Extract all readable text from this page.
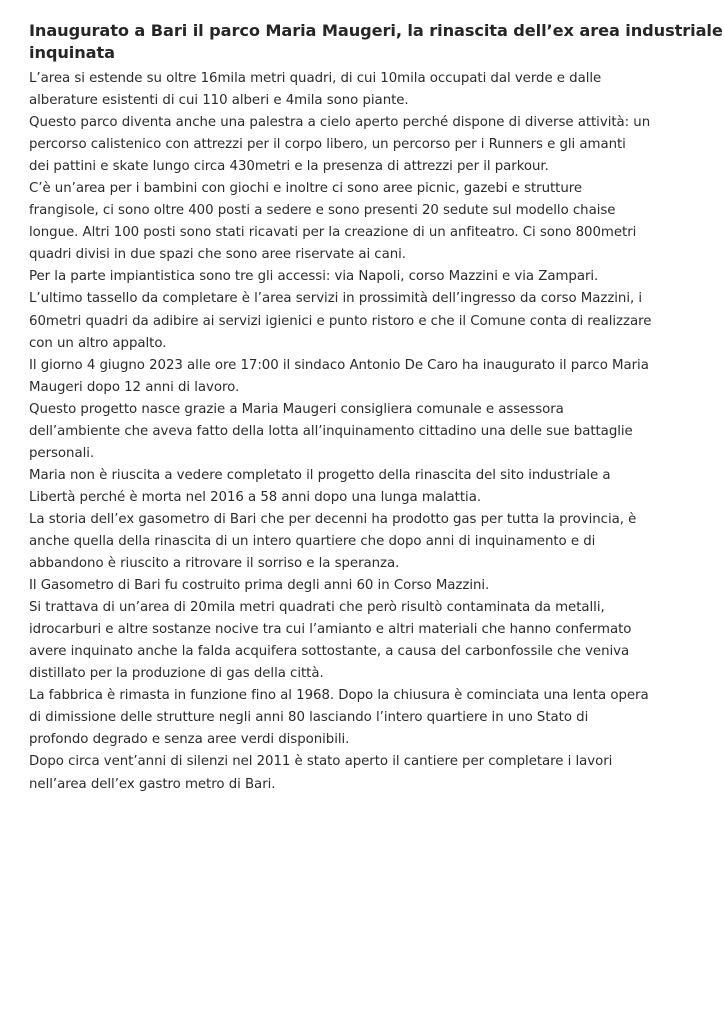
Inaugurato a Bari il parco Maria Maugeri, la rinascita dell’ex area industriale
inquinata

L’area si estende su oltre 16mila metri quadri, di cui 10mila occupati dal verde e dalle
alberature esistenti di cui 110 alberi e 4mila sono piante.

Questo parco diventa anche una palestra a cielo aperto perché dispone di diverse attività: un
percorso calistenico con attrezzi per il corpo libero, un percorso per i Runners e gli amanti
dei pattini e skate lungo circa 430metri e la presenza di attrezzi per il parkour.

C’è un’area per i bambini con giochi e inoltre ci sono aree picnic, gazebi e strutture
frangisole, ci sono oltre 400 posti a sedere e sono presenti 20 sedute sul modello chaise
longue. Altri 100 posti sono stati ricavati per la creazione di un anfiteatro. Ci sono 800metri
quadri divisi in due spazi che sono aree riservate ai cani.

Per la parte impiantistica sono tre gli accessi: via Napoli, corso Mazzini e via Zampari.

L’ultimo tassello da completare è l’area servizi in prossimità dell’ingresso da corso Mazzini, i
60metri quadri da adibire ai servizi igienici e punto ristoro e che il Comune conta di realizzare
con un altro appalto.

Il giorno 4 giugno 2023 alle ore 17:00 il sindaco Antonio De Caro ha inaugurato il parco Maria
Maugeri dopo 12 anni di lavoro.

Questo progetto nasce grazie a Maria Maugeri consigliera comunale e assessora
dell’ambiente che aveva fatto della lotta all’inquinamento cittadino una delle sue battaglie
personali.

Maria non è riuscita a vedere completato il progetto della rinascita del sito industriale a
Libertà perché è morta nel 2016 a 58 anni dopo una lunga malattia.

La storia dell’ex gasometro di Bari che per decenni ha prodotto gas per tutta la provincia, è
anche quella della rinascita di un intero quartiere che dopo anni di inquinamento e di
abbandono è riuscito a ritrovare il sorriso e la speranza.

Il Gasometro di Bari fu costruito prima degli anni 60 in Corso Mazzini.

Si trattava di un’area di 20mila metri quadrati che però risultò contaminata da metalli,
idrocarburi e altre sostanze nocive tra cui l’amianto e altri materiali che hanno confermato
avere inquinato anche la falda acquifera sottostante, a causa del carbonfossile che veniva
distillato per la produzione di gas della città.

La fabbrica è rimasta in funzione fino al 1968. Dopo la chiusura è cominciata una lenta opera
di dimissione delle strutture negli anni 80 lasciando l’intero quartiere in uno Stato di
profondo degrado e senza aree verdi disponibili.

Dopo circa vent’anni di silenzi nel 2011 è stato aperto il cantiere per completare i lavori
nell’area dell’ex gastro metro di Bari.
